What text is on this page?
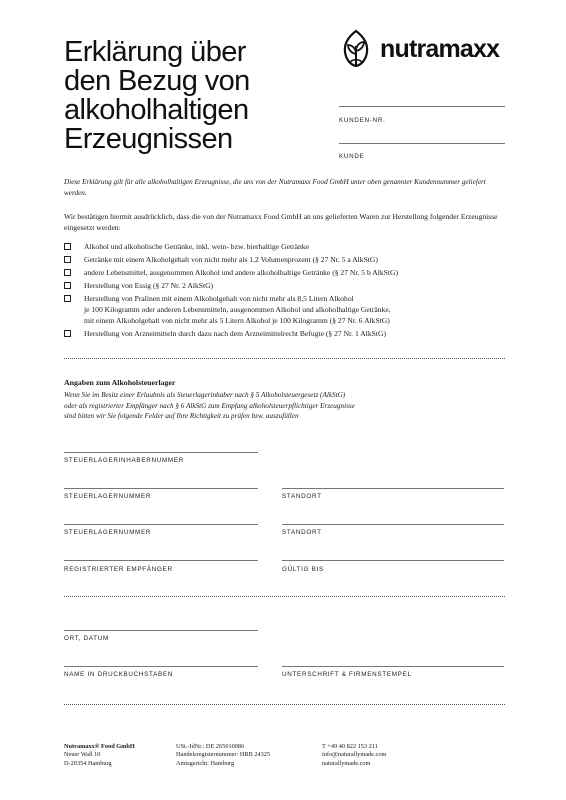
Erklärung über
den Bezug von
alkoholhaltigen
Erzeugnissen
nutramaxx
KUNDEN-NR.
KUNDE
Diese Erklärung gilt für alle alkoholhaltigen Erzeugnisse, die uns von der Nutramaxx Food GmbH unter oben genannter Kundennummer geliefert werden.
Wir bestätigen hiermit ausdrücklich, dass die von der Nutramaxx Food GmbH an uns gelieferten Waren zur Herstellung folgender Erzeugnisse eingesetzt werden:
Alkohol und alkoholische Getränke, inkl. wein- bzw. bierhaltige Getränke
Getränke mit einem Alkoholgehalt von nicht mehr als 1,2 Volumenprozent (§ 27 Nr. 5 a AlkStG)
andere Lebensmittel, ausgenommen Alkohol und andere alkoholhaltige Getränke (§ 27 Nr. 5 b AlkStG)
Herstellung von Essig (§ 27 Nr. 2 AlkStG)
Herstellung von Pralinen mit einem Alkoholgehalt von nicht mehr als 8,5 Litern Alkohol
je 100 Kilogramm oder anderen Lebensmitteln, ausgenommen Alkohol und alkoholhaltige Getränke,
mit einem Alkoholgehalt von nicht mehr als 5 Litern Alkohol je 100 Kilogramm (§ 27 Nr. 6 AlkStG)
Herstellung von Arzneimitteln durch dazu nach dem Arzneimittelrecht Befugte (§ 27 Nr. 1 AlkStG)
Angaben zum Alkoholsteuerlager
Wenn Sie im Besitz einer Erlaubnis als Steuerlagerinhaber nach § 5 Alkoholsteuergesetz (AlkStG)
oder als registrierter Empfänger nach § 6 AlkStG zum Empfang alkoholsteuerpflichtiger Erzeugnisse
sind bitten wir Sie folgende Felder auf Ihre Richtigkeit zu prüfen bzw. auszufüllen
STEUERLAGERINHABERNUMMER
STEUERLAGERNUMMER	STANDORT
STEUERLAGERNUMMER	STANDORT
REGISTRIERTER EMPFÄNGER	GÜLTIG BIS
ORT, DATUM
NAME IN DRUCKBUCHSTABEN	UNTERSCHRIFT & FIRMENSTEMPEL
Nutramaxx® Food GmbH
Neuer Wall 10
D-20354 Hamburg
USt.-IdNr.: DE 265010086
Handelsregisternummer: HRB 24325
Amtsgericht: Hamburg
T +49 40 822 153 211
info@naturallymade.com
naturallymade.com
